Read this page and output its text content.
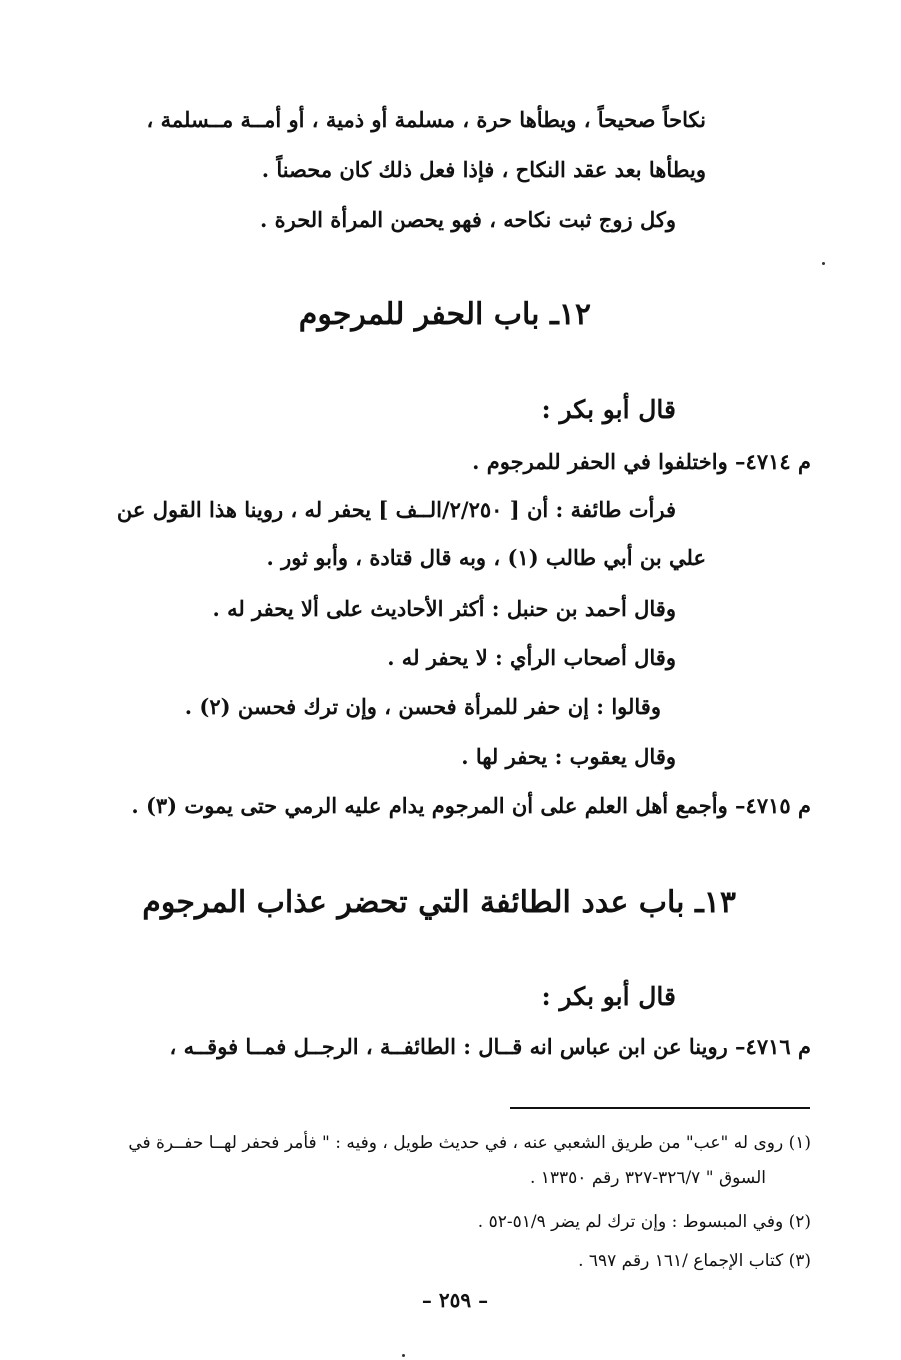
نكاحاً صحيحاً ، ويطأها حرة ، مسلمة أو ذمية ، أو أمــة مــسلمة ،
ويطأها بعد عقد النكاح ، فإذا فعل ذلك كان محصناً .
وكل زوج ثبت نكاحه ، فهو يحصن المرأة الحرة .
١٢ـ باب الحفر للمرجوم
قال أبو بكر :
م ٤٧١٤– واختلفوا في الحفر للمرجوم .
فرأت طائفة : أن [ ٢/٢٥٠/الــف ] يحفر له ، روينا هذا القول عن
علي بن أبي طالب (١) ، وبه قال قتادة ، وأبو ثور .
وقال أحمد بن حنبل : أكثر الأحاديث على ألا يحفر له .
وقال أصحاب الرأي : لا يحفر له .
وقالوا : إن حفر للمرأة فحسن ، وإن ترك فحسن (٢) .
وقال يعقوب : يحفر لها .
م ٤٧١٥– وأجمع أهل العلم على أن المرجوم يدام عليه الرمي حتى يموت (٣) .
١٣ـ باب عدد الطائفة التي تحضر عذاب المرجوم
قال أبو بكر :
م ٤٧١٦– روينا عن ابن عباس انه قــال : الطائفــة ، الرجــل فمــا فوقــه ،
(١) روى له "عب" من طريق الشعبي عنه ، في حديث طويل ، وفيه : " فأمر فحفر لهــا حفــرة في
السوق " ٣٢٦/٧-٣٢٧ رقم ١٣٣٥٠ .
(٢) وفي المبسوط : وإن ترك لم يضر ٥١/٩-٥٢ .
(٣) كتاب الإجماع /١٦١ رقم ٦٩٧ .
– ٢٥٩ –
